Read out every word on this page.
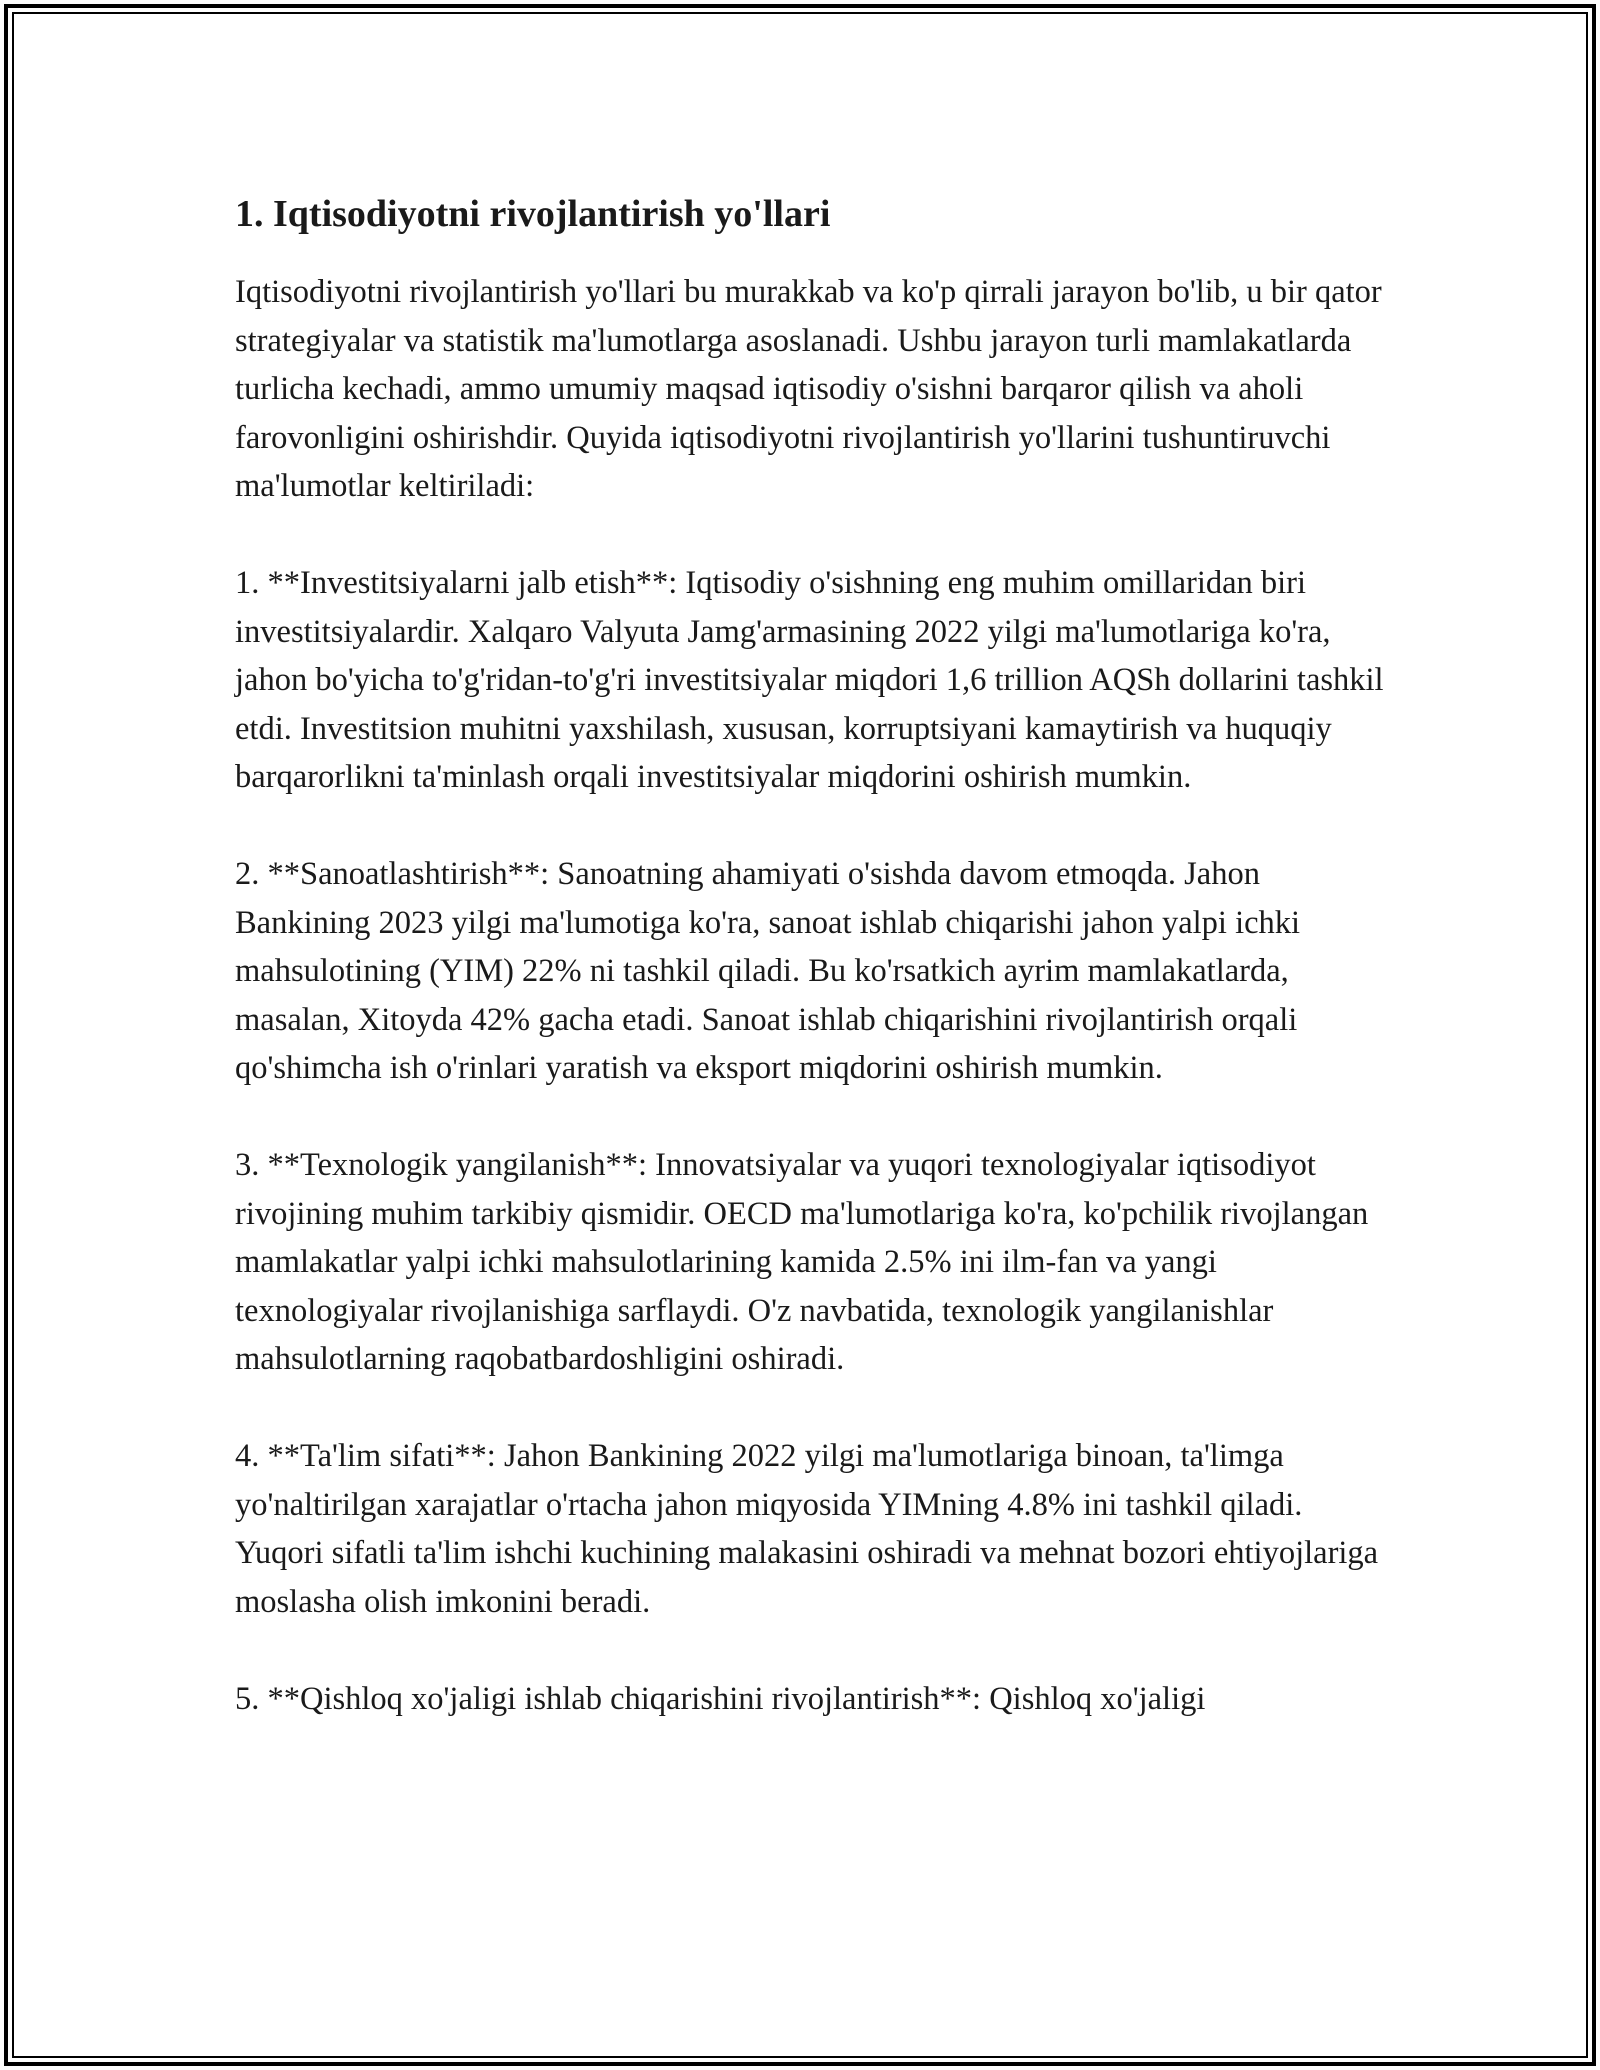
1. Iqtisodiyotni rivojlantirish yo'llari

Iqtisodiyotni rivojlantirish yo'llari bu murakkab va ko'p qirrali jarayon bo'lib, u bir qator strategiyalar va statistik ma'lumotlarga asoslanadi. Ushbu jarayon turli mamlakatlarda turlicha kechadi, ammo umumiy maqsad iqtisodiy o'sishni barqaror qilish va aholi farovonligini oshirishdir. Quyida iqtisodiyotni rivojlantirish yo'llarini tushuntiruvchi ma'lumotlar keltiriladi:

1. **Investitsiyalarni jalb etish**: Iqtisodiy o'sishning eng muhim omillaridan biri investitsiyalardir. Xalqaro Valyuta Jamg'armasining 2022 yilgi ma'lumotlariga ko'ra, jahon bo'yicha to'g'ridan-to'g'ri investitsiyalar miqdori 1,6 trillion AQSh dollarini tashkil etdi. Investitsion muhitni yaxshilash, xususan, korruptsiyani kamaytirish va huquqiy barqarorlikni ta'minlash orqali investitsiyalar miqdorini oshirish mumkin.

2. **Sanoatlashtirish**: Sanoatning ahamiyati o'sishda davom etmoqda. Jahon Bankining 2023 yilgi ma'lumotiga ko'ra, sanoat ishlab chiqarishi jahon yalpi ichki mahsulotining (YIM) 22% ni tashkil qiladi. Bu ko'rsatkich ayrim mamlakatlarda, masalan, Xitoyda 42% gacha etadi. Sanoat ishlab chiqarishini rivojlantirish orqali qo'shimcha ish o'rinlari yaratish va eksport miqdorini oshirish mumkin.

3. **Texnologik yangilanish**: Innovatsiyalar va yuqori texnologiyalar iqtisodiyot rivojining muhim tarkibiy qismidir. OECD ma'lumotlariga ko'ra, ko'pchilik rivojlangan mamlakatlar yalpi ichki mahsulotlarining kamida 2.5% ini ilm-fan va yangi texnologiyalar rivojlanishiga sarflaydi. O'z navbatida, texnologik yangilanishlar mahsulotlarning raqobatbardoshligini oshiradi.

4. **Ta'lim sifati**: Jahon Bankining 2022 yilgi ma'lumotlariga binoan, ta'limga yo'naltirilgan xarajatlar o'rtacha jahon miqyosida YIMning 4.8% ini tashkil qiladi. Yuqori sifatli ta'lim ishchi kuchining malakasini oshiradi va mehnat bozori ehtiyojlariga moslasha olish imkonini beradi.

5. **Qishloq xo'jaligi ishlab chiqarishini rivojlantirish**: Qishloq xo'jaligi
